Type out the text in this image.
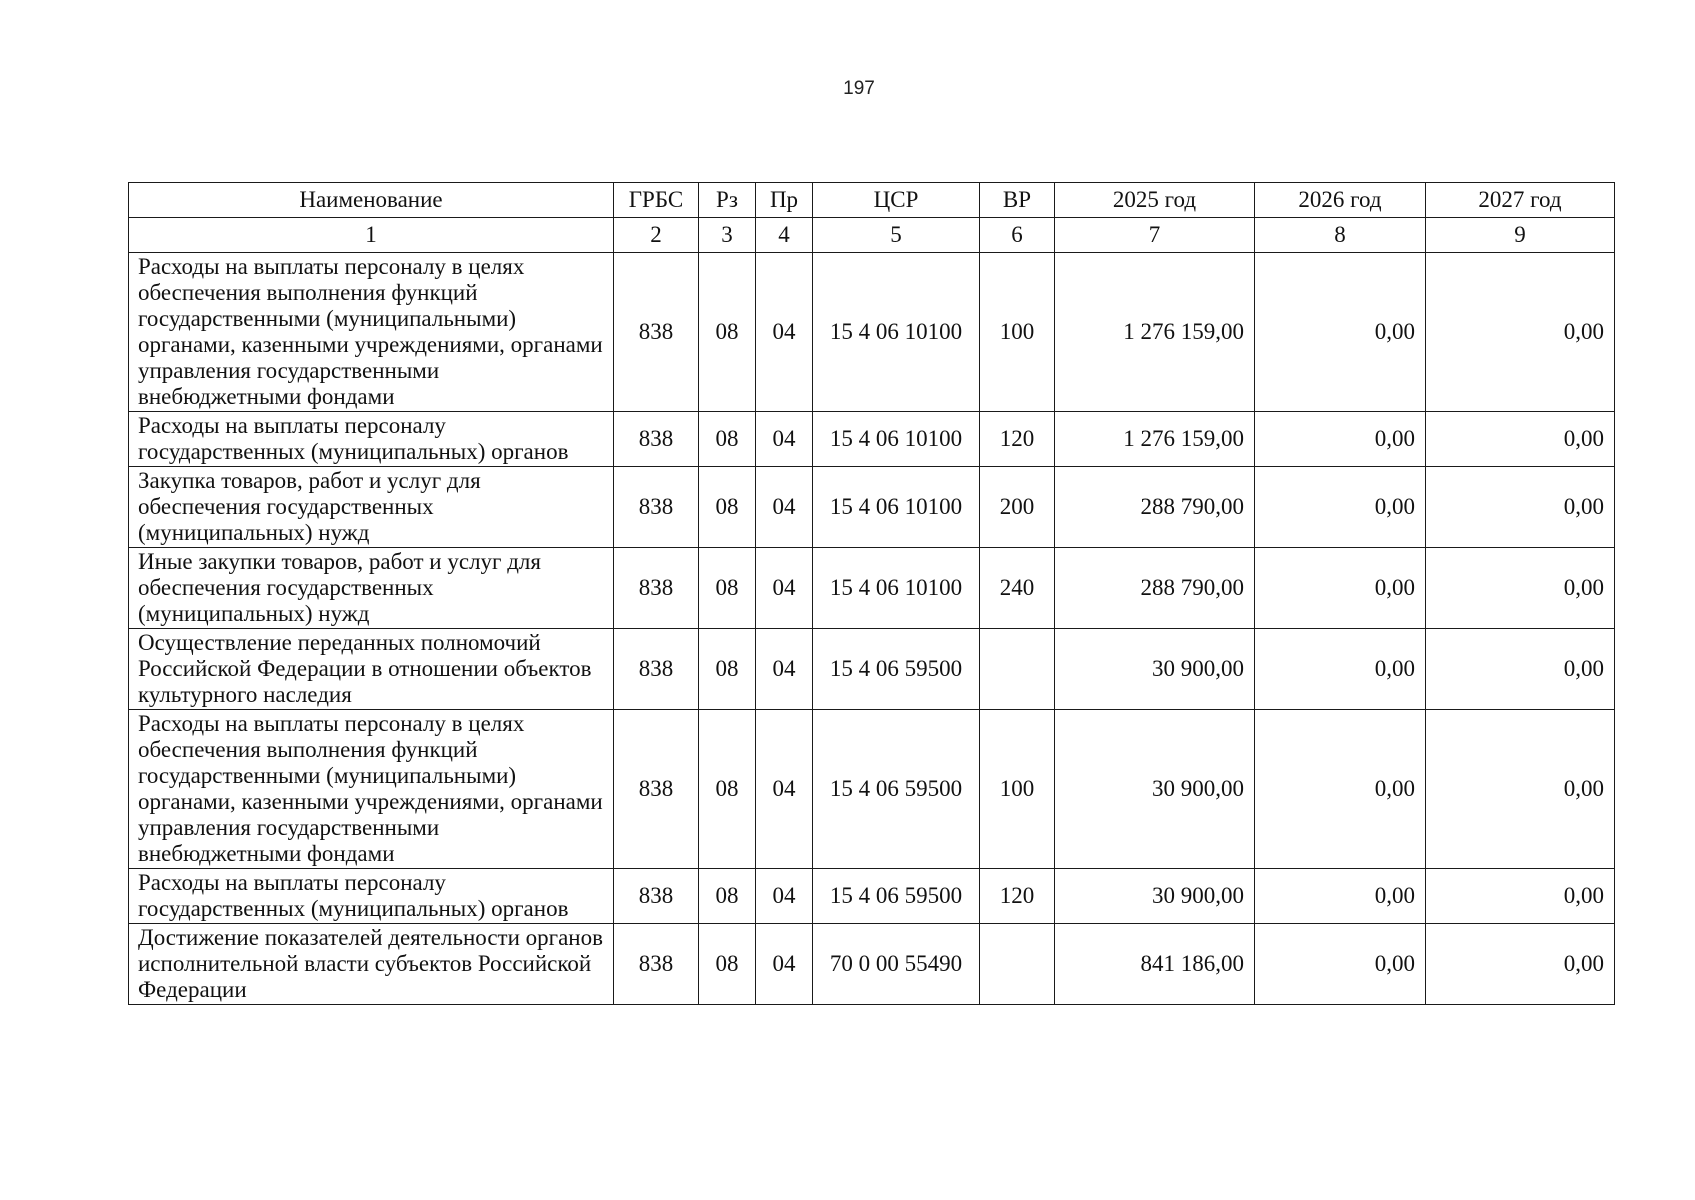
197
Наименование	ГРБС	Рз	Пр	ЦСР	ВР	2025 год	2026 год	2027 год
1	2	3	4	5	6	7	8	9
Расходы на выплаты персоналу в целях обеспечения выполнения функций государственными (муниципальными) органами, казенными учреждениями, органами управления государственными внебюджетными фондами	838	08	04	15 4 06 10100	100	1 276 159,00	0,00	0,00
Расходы на выплаты персоналу государственных (муниципальных) органов	838	08	04	15 4 06 10100	120	1 276 159,00	0,00	0,00
Закупка товаров, работ и услуг для обеспечения государственных (муниципальных) нужд	838	08	04	15 4 06 10100	200	288 790,00	0,00	0,00
Иные закупки товаров, работ и услуг для обеспечения государственных (муниципальных) нужд	838	08	04	15 4 06 10100	240	288 790,00	0,00	0,00
Осуществление переданных полномочий Российской Федерации в отношении объектов культурного наследия	838	08	04	15 4 06 59500		30 900,00	0,00	0,00
Расходы на выплаты персоналу в целях обеспечения выполнения функций государственными (муниципальными) органами, казенными учреждениями, органами управления государственными внебюджетными фондами	838	08	04	15 4 06 59500	100	30 900,00	0,00	0,00
Расходы на выплаты персоналу государственных (муниципальных) органов	838	08	04	15 4 06 59500	120	30 900,00	0,00	0,00
Достижение показателей деятельности органов исполнительной власти субъектов Российской Федерации	838	08	04	70 0 00 55490		841 186,00	0,00	0,00
